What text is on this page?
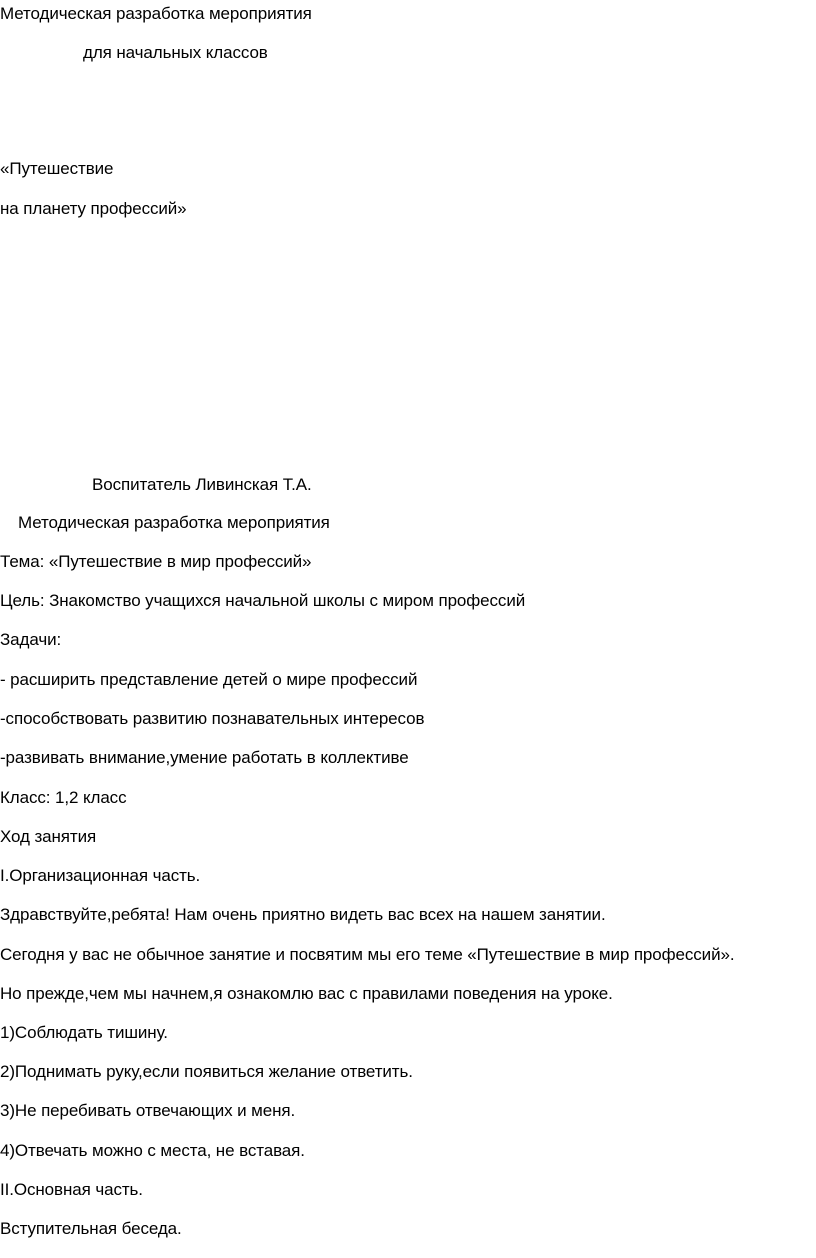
Методическая разработка мероприятия
для начальных классов
«Путешествие
на планету профессий»
Воспитатель Ливинская Т.А.
Методическая разработка мероприятия
Тема: «Путешествие в мир профессий»
Цель: Знакомство учащихся начальной школы с миром профессий
Задачи:
- расширить представление детей о мире профессий
-способствовать развитию познавательных интересов
-развивать внимание,умение работать в коллективе
Класс: 1,2 класс
Ход занятия
I.Организационная часть.
Здравствуйте,ребята! Нам очень приятно видеть вас всех на нашем занятии.
Сегодня у вас не обычное занятие и посвятим мы его теме «Путешествие в мир профессий».
Но прежде,чем мы начнем,я ознакомлю вас с правилами поведения на уроке.
1)Соблюдать тишину.
2)Поднимать руку,если появиться желание ответить.
3)Не перебивать отвечающих и меня.
4)Отвечать можно с места, не вставая.
II.Основная часть.
Вступительная беседа.
